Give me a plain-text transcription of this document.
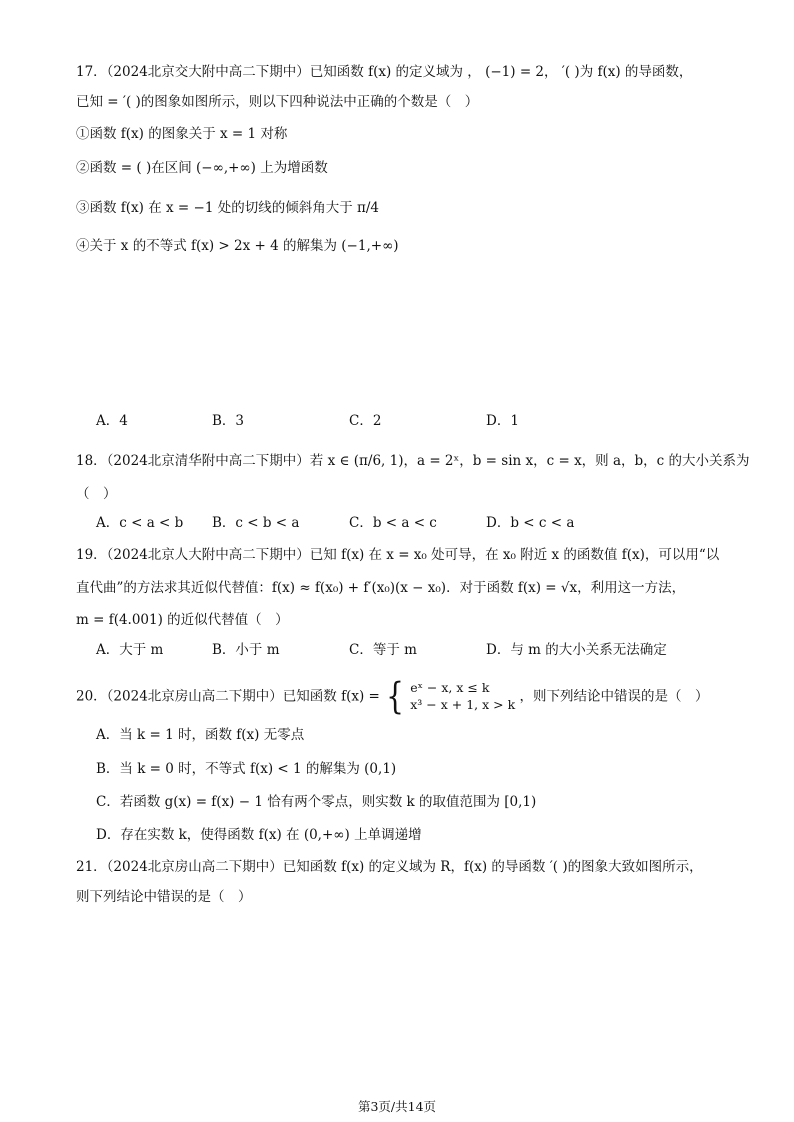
17．（2024北京交大附中高二下期中）已知函数 f(x) 的定义域为 ， (−1) = 2， ′( )为 f(x) 的导函数，
已知 = ′( )的图象如图所示，则以下四种说法中正确的个数是（　）
①函数 f(x) 的图象关于 x = 1 对称
②函数 = ( )在区间 (−∞,+∞) 上为增函数
③函数 f(x) 在 x = −1 处的切线的倾斜角大于 π/4
④关于 x 的不等式 f(x) > 2x + 4 的解集为 (−1,+∞)
A．4	B．3	C．2	D．1
18．（2024北京清华附中高二下期中）若 x ∈ (π/6, 1)，a = 2ˣ，b = sin x，c = x，则 a，b，c 的大小关系为
（　）
A．c < a < b B．c < b < a	C．b < a < c	D．b < c < a
19．（2024北京人大附中高二下期中）已知 f(x) 在 x = x₀ 处可导，在 x₀ 附近 x 的函数值 f(x)，可以用“以
直代曲”的方法求其近似代替值：f(x) ≈ f(x₀) + f′(x₀)(x − x₀)．对于函数 f(x) = √x，利用这一方法，
m = f(4.001) 的近似代替值（　）
A．大于 m	B．小于 m	C．等于 m	D．与 m 的大小关系无法确定
20．（2024北京房山高二下期中）已知函数 f(x) = { eˣ − x, x ≤ k
x³ − x + 1, x > k ，则下列结论中错误的是（　）
A．当 k = 1 时，函数 f(x) 无零点
B．当 k = 0 时，不等式 f(x) < 1 的解集为 (0,1)
C．若函数 g(x) = f(x) − 1 恰有两个零点，则实数 k 的取值范围为 [0,1)
D．存在实数 k，使得函数 f(x) 在 (0,+∞) 上单调递增
21．（2024北京房山高二下期中）已知函数 f(x) 的定义域为 R，f(x) 的导函数 ′( )的图象大致如图所示，
则下列结论中错误的是（　）
第3页/共14页
